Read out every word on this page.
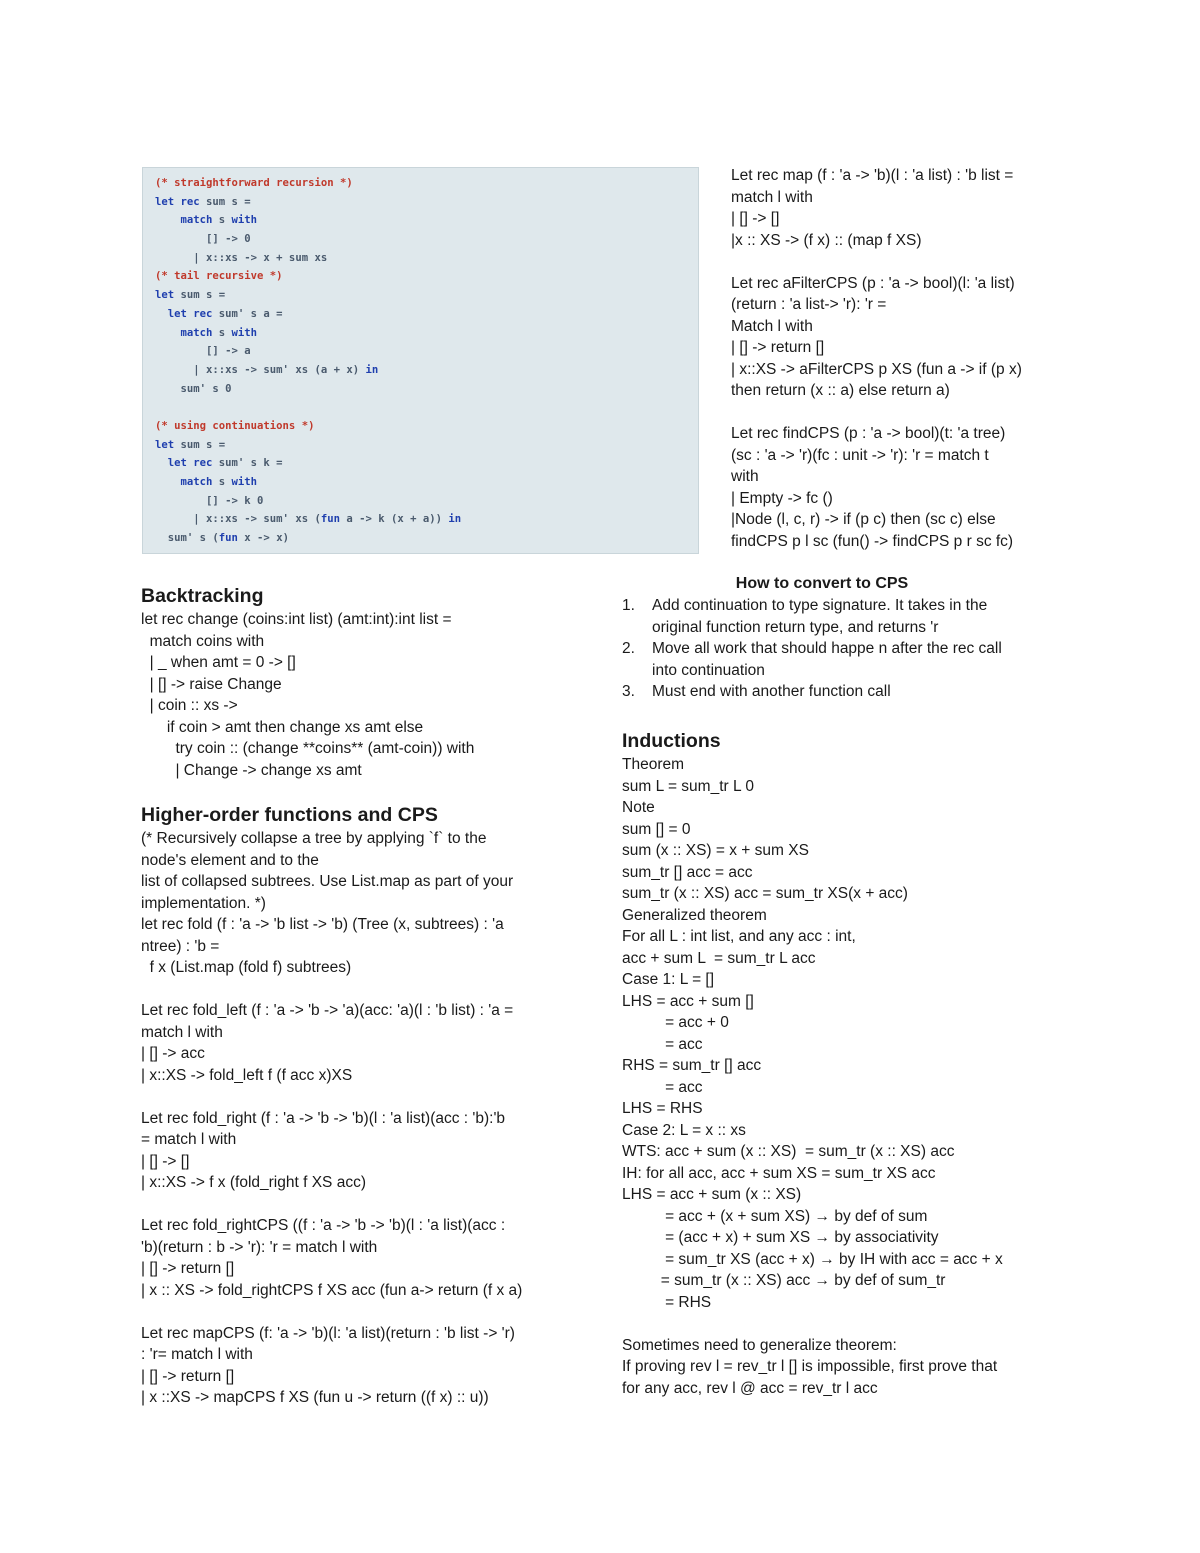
(* straightforward recursion *)
let rec sum s =
match s with
[] -> 0
| x::xs -> x + sum xs
(* tail recursive *)
let sum s =
let rec sum' s a =
match s with
[] -> a
| x::xs -> sum' xs (a + x) in
sum' s 0
(* using continuations *)
let sum s =
let rec sum' s k =
match s with
[] -> k 0
| x::xs -> sum' xs (fun a -> k (x + a)) in
sum' s (fun x -> x)
Let rec map (f : 'a -> 'b)(l : 'a list) : 'b list =
match l with
| [] -> []
|x :: XS -> (f x) :: (map f XS)

Let rec aFilterCPS (p : 'a -> bool)(l: 'a list)
(return : 'a list-> 'r): 'r =
Match l with
| [] -> return []
| x::XS -> aFilterCPS p XS (fun a -> if (p x)
then return (x :: a) else return a)

Let rec findCPS (p : 'a -> bool)(t: 'a tree)
(sc : 'a -> 'r)(fc : unit -> 'r): 'r = match t
with
| Empty -> fc ()
|Node (l, c, r) -> if (p c) then (sc c) else
findCPS p l sc (fun() -> findCPS p r sc fc)
Backtracking
let rec change (coins:int list) (amt:int):int list =
match coins with
| _ when amt = 0 -> []
| [] -> raise Change
| coin :: xs ->
if coin > amt then change xs amt else
try coin :: (change **coins** (amt-coin)) with
| Change -> change xs amt
Higher-order functions and CPS
(* Recursively collapse a tree by applying `f` to the
node's element and to the
list of collapsed subtrees. Use List.map as part of your
implementation. *)
let rec fold (f : 'a -> 'b list -> 'b) (Tree (x, subtrees) : 'a
ntree) : 'b =
f x (List.map (fold f) subtrees)

Let rec fold_left (f : 'a -> 'b -> 'a)(acc: 'a)(l : 'b list) : 'a =
match l with
| [] -> acc
| x::XS -> fold_left f (f acc x)XS

Let rec fold_right (f : 'a -> 'b -> 'b)(l : 'a list)(acc : 'b):'b
= match l with
| [] -> []
| x::XS -> f x (fold_right f XS acc)

Let rec fold_rightCPS ((f : 'a -> 'b -> 'b)(l : 'a list)(acc :
'b)(return : b -> 'r): 'r = match l with
| [] -> return []
| x :: XS -> fold_rightCPS f XS acc (fun a-> return (f x a)

Let rec mapCPS (f: 'a -> 'b)(l: 'a list)(return : 'b list -> 'r)
: 'r= match l with
| [] -> return []
| x ::XS -> mapCPS f XS (fun u -> return ((f x) :: u))
How to convert to CPS
1. Add continuation to type signature. It takes in the
original function return type, and returns 'r
2. Move all work that should happe n after the rec call
into continuation
3. Must end with another function call
Inductions
Theorem
sum L = sum_tr L 0
Note
sum [] = 0
sum (x :: XS) = x + sum XS
sum_tr [] acc = acc
sum_tr (x :: XS) acc = sum_tr XS(x + acc)
Generalized theorem
For all L : int list, and any acc : int,
acc + sum L  = sum_tr L acc
Case 1: L = []
LHS = acc + sum []
= acc + 0
= acc
RHS = sum_tr [] acc
= acc
LHS = RHS
Case 2: L = x :: xs
WTS: acc + sum (x :: XS)  = sum_tr (x :: XS) acc
IH: for all acc, acc + sum XS = sum_tr XS acc
LHS = acc + sum (x :: XS)
= acc + (x + sum XS) → by def of sum
= (acc + x) + sum XS → by associativity
= sum_tr XS (acc + x) → by IH with acc = acc + x
= sum_tr (x :: XS) acc → by def of sum_tr
= RHS

Sometimes need to generalize theorem:
If proving rev l = rev_tr l [] is impossible, first prove that
for any acc, rev l @ acc = rev_tr l acc
